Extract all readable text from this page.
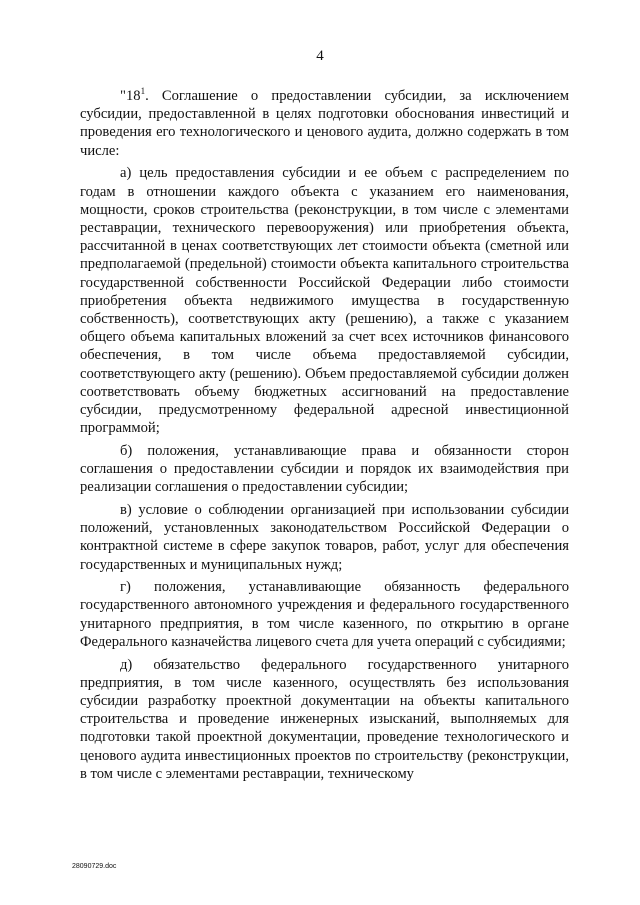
4

"$18^1$. Соглашение о предоставлении субсидии, за исключением субсидии, предоставленной в целях подготовки обоснования инвестиций и проведения его технологического и ценового аудита, должно содержать в том числе:

а) цель предоставления субсидии и ее объем с распределением по годам в отношении каждого объекта с указанием его наименования, мощности, сроков строительства (реконструкции, в том числе с элементами реставрации, технического перевооружения) или приобретения объекта, рассчитанной в ценах соответствующих лет стоимости объекта (сметной или предполагаемой (предельной) стоимости объекта капитального строительства государственной собственности Российской Федерации либо стоимости приобретения объекта недвижимого имущества в государственную собственность), соответствующих акту (решению), а также с указанием общего объема капитальных вложений за счет всех источников финансового обеспечения, в том числе объема предоставляемой субсидии, соответствующего акту (решению). Объем предоставляемой субсидии должен соответствовать объему бюджетных ассигнований на предоставление субсидии, предусмотренному федеральной адресной инвестиционной программой;

б) положения, устанавливающие права и обязанности сторон соглашения о предоставлении субсидии и порядок их взаимодействия при реализации соглашения о предоставлении субсидии;

в) условие о соблюдении организацией при использовании субсидии положений, установленных законодательством Российской Федерации о контрактной системе в сфере закупок товаров, работ, услуг для обеспечения государственных и муниципальных нужд;

г) положения, устанавливающие обязанность федерального государственного автономного учреждения и федерального государственного унитарного предприятия, в том числе казенного, по открытию в органе Федерального казначейства лицевого счета для учета операций с субсидиями;

д) обязательство федерального государственного унитарного предприятия, в том числе казенного, осуществлять без использования субсидии разработку проектной документации на объекты капитального строительства и проведение инженерных изысканий, выполняемых для подготовки такой проектной документации, проведение технологического и ценового аудита инвестиционных проектов по строительству (реконструкции, в том числе с элементами реставрации, техническому

28090729.doc
